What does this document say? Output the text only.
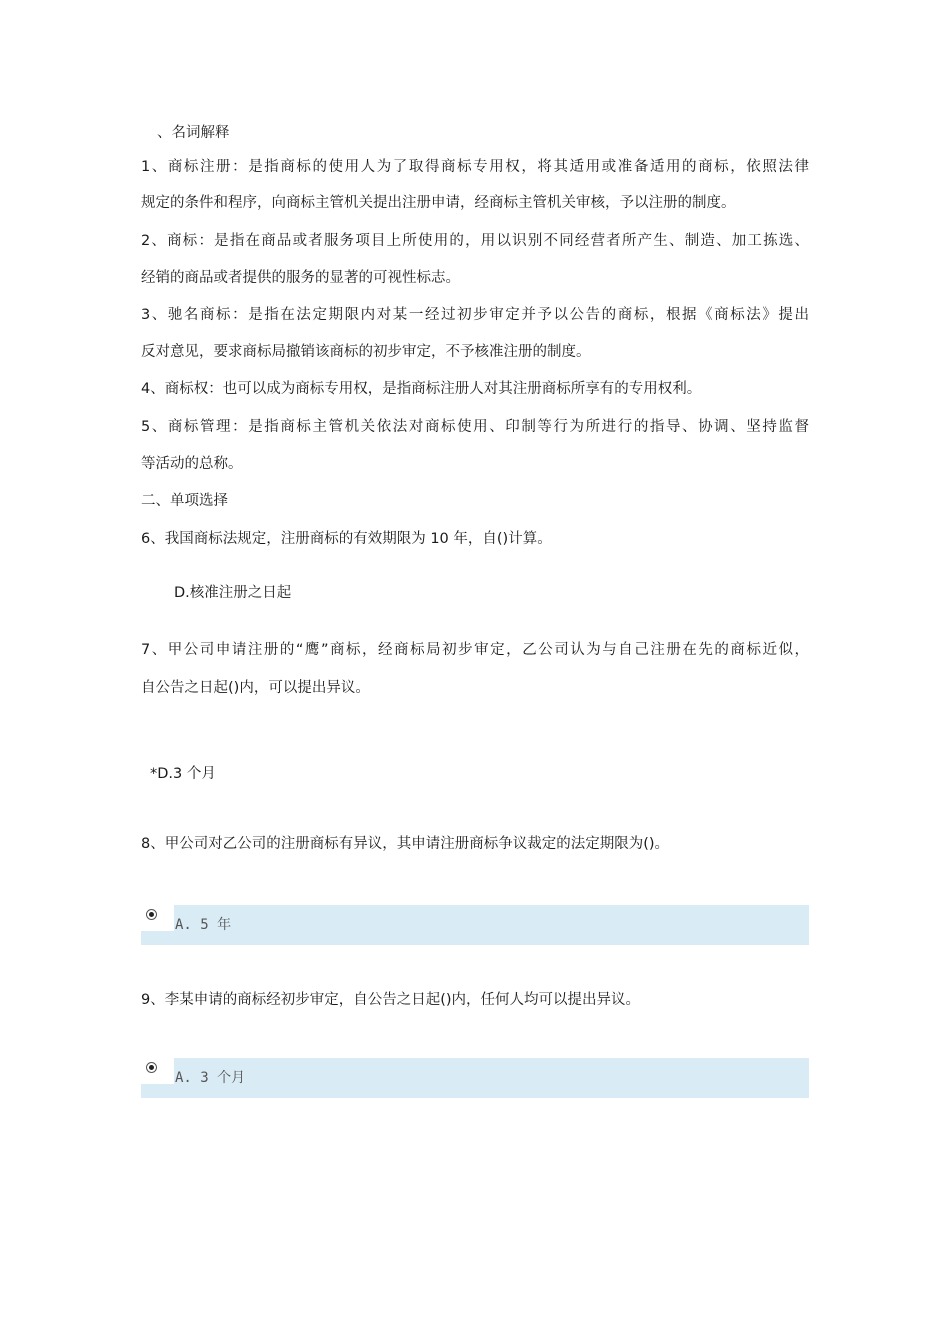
、名词解释
1、商标注册：是指商标的使用人为了取得商标专用权，将其适用或准备适用的商标，依照法律
规定的条件和程序，向商标主管机关提出注册申请，经商标主管机关审核，予以注册的制度。
2、商标：是指在商品或者服务项目上所使用的，用以识别不同经营者所产生、制造、加工拣选、
经销的商品或者提供的服务的显著的可视性标志。
3、驰名商标：是指在法定期限内对某一经过初步审定并予以公告的商标，根据《商标法》提出
反对意见，要求商标局撤销该商标的初步审定，不予核准注册的制度。
4、商标权：也可以成为商标专用权，是指商标注册人对其注册商标所享有的专用权利。
5、商标管理：是指商标主管机关依法对商标使用、印制等行为所进行的指导、协调、坚持监督
等活动的总称。
二、单项选择
6、我国商标法规定，注册商标的有效期限为 10 年，自()计算。
D.核准注册之日起
7、甲公司申请注册的“鹰”商标，经商标局初步审定，乙公司认为与自己注册在先的商标近似，
自公告之日起()内，可以提出异议。
*D.3 个月
8、甲公司对乙公司的注册商标有异议，其申请注册商标争议裁定的法定期限为()。
A. 5 年
9、李某申请的商标经初步审定，自公告之日起()内，任何人均可以提出异议。
A. 3 个月
